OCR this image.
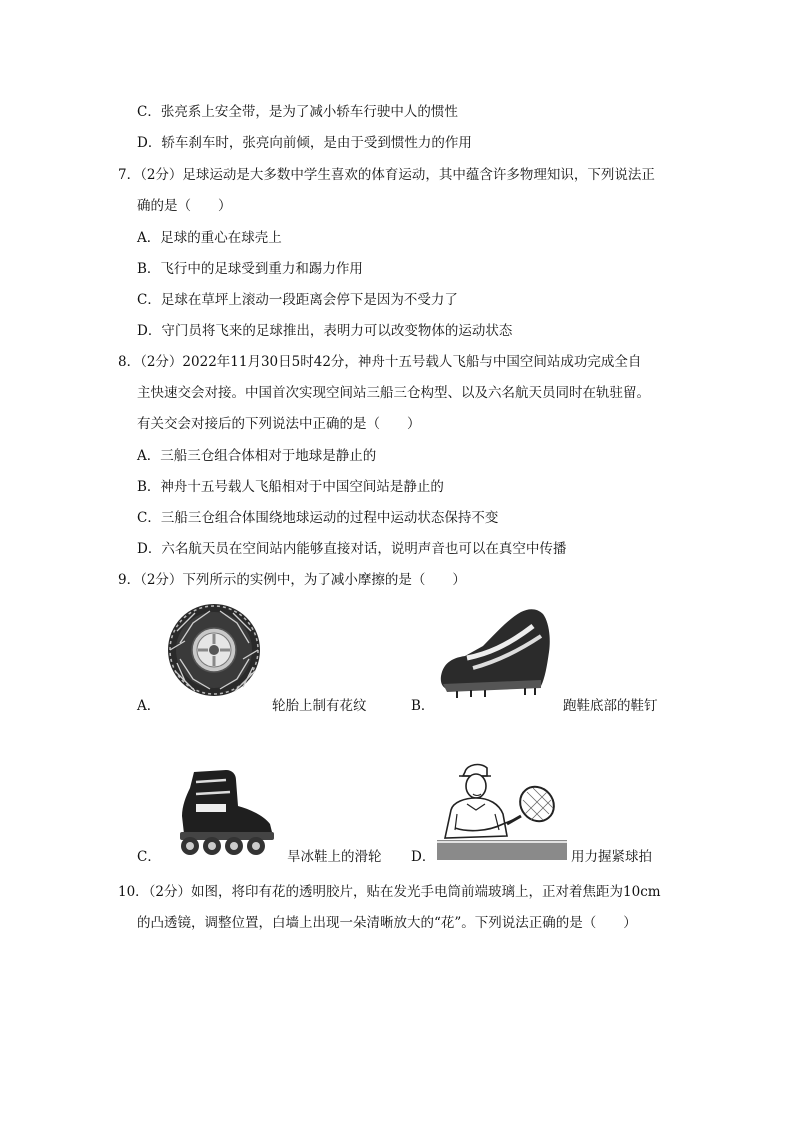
C．张亮系上安全带，是为了减小轿车行驶中人的惯性
D．轿车刹车时，张亮向前倾，是由于受到惯性力的作用
7．（2分）足球运动是大多数中学生喜欢的体育运动，其中蕴含许多物理知识，下列说法正
确的是（　　）
A．足球的重心在球壳上
B．飞行中的足球受到重力和踢力作用
C．足球在草坪上滚动一段距离会停下是因为不受力了
D．守门员将飞来的足球推出，表明力可以改变物体的运动状态
8．（2分）2022年11月30日5时42分，神舟十五号载人飞船与中国空间站成功完成全自
主快速交会对接。中国首次实现空间站三船三仓构型、以及六名航天员同时在轨驻留。
有关交会对接后的下列说法中正确的是（　　）
A．三船三仓组合体相对于地球是静止的
B．神舟十五号载人飞船相对于中国空间站是静止的
C．三船三仓组合体围绕地球运动的过程中运动状态保持不变
D．六名航天员在空间站内能够直接对话，说明声音也可以在真空中传播
9．（2分）下列所示的实例中，为了减小摩擦的是（　　）
A．	轮胎上制有花纹	B．	跑鞋底部的鞋钉
C．	旱冰鞋上的滑轮 D．	用力握紧球拍
10．（2分）如图，将印有花的透明胶片，贴在发光手电筒前端玻璃上，正对着焦距为10cm
的凸透镜，调整位置，白墙上出现一朵清晰放大的“花”。下列说法正确的是（　　）
